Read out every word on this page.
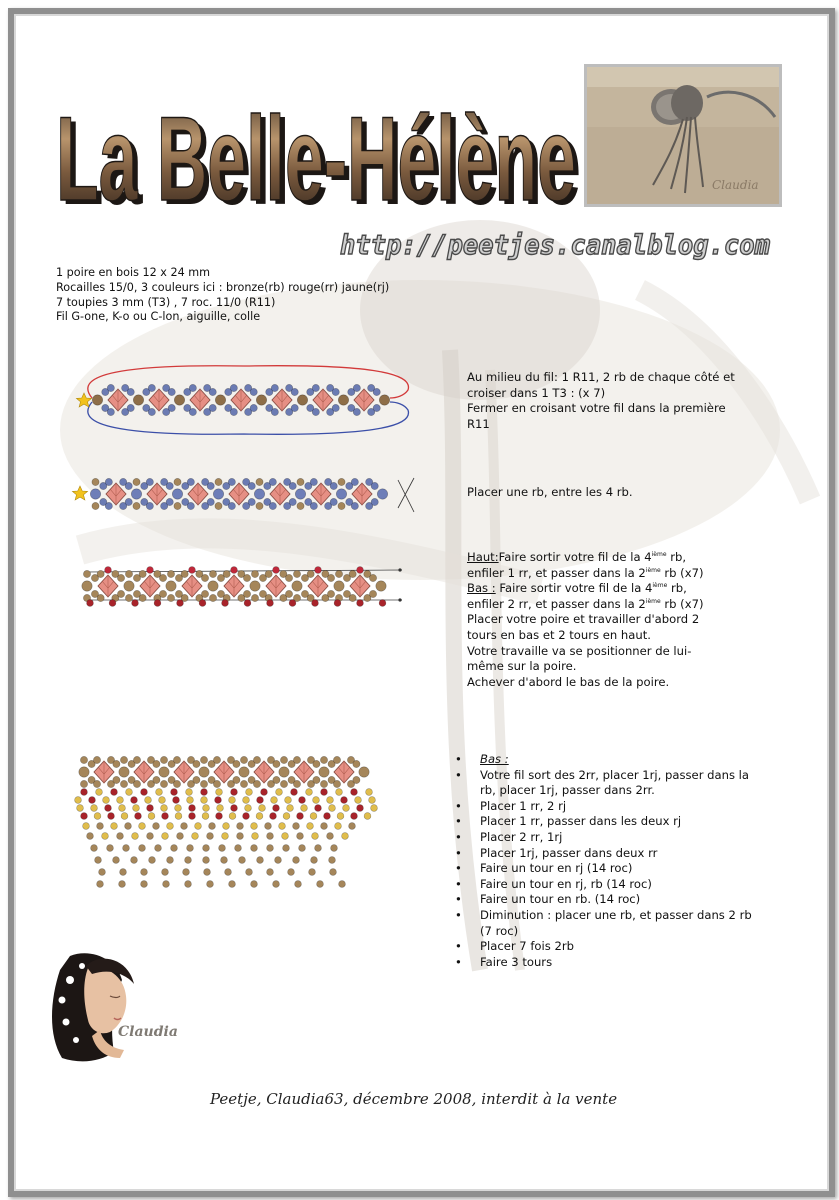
La Belle-Hélène
La Belle-Hélène	Claudia
http://peetjes.canalblog.com
1 poire en bois 12 x 24 mm
Rocailles 15/0, 3 couleurs ici : bronze(rb) rouge(rr) jaune(rj)
7 toupies 3 mm (T3) , 7 roc. 11/0 (R11)
Fil G-one, K-o ou C-lon, aiguille, colle

Au milieu du fil: 1 R11, 2 rb de chaque côté et

croiser dans 1 T3 : (x 7)

Fermer en croisant votre fil dans la première

R11

Placer une rb, entre les 4 rb.

Haut:Faire sortir votre fil de la 4ième rb,

enfiler 1 rr, et passer dans la 2ième rb (x7)

Bas : Faire sortir votre fil de la 4ième rb,

enfiler 2 rr, et passer dans la 2ième rb (x7)

Placer votre poire et travailler d'abord 2

tours en bas et 2 tours en haut.

Votre travaille va se positionner de lui-

même sur la poire.

Achever d'abord le bas de la poire.

• Bas :
• Votre fil sort des 2rr, placer 1rj, passer dans la rb, placer 1rj, passer dans 2rr.
• Placer 1 rr, 2 rj
• Placer 1 rr, passer dans les deux rj
• Placer 2 rr, 1rj
• Placer 1rj, passer dans deux rr
• Faire un tour en rj (14 roc)
• Faire un tour en rj, rb (14 roc)
• Faire un tour en rb. (14 roc)
• Diminution : placer une rb, et passer dans 2 rb (7 roc)
• Placer 7 fois 2rb
• Faire 3 tours
Claudia
Peetje, Claudia63, décembre 2008, interdit à la vente
